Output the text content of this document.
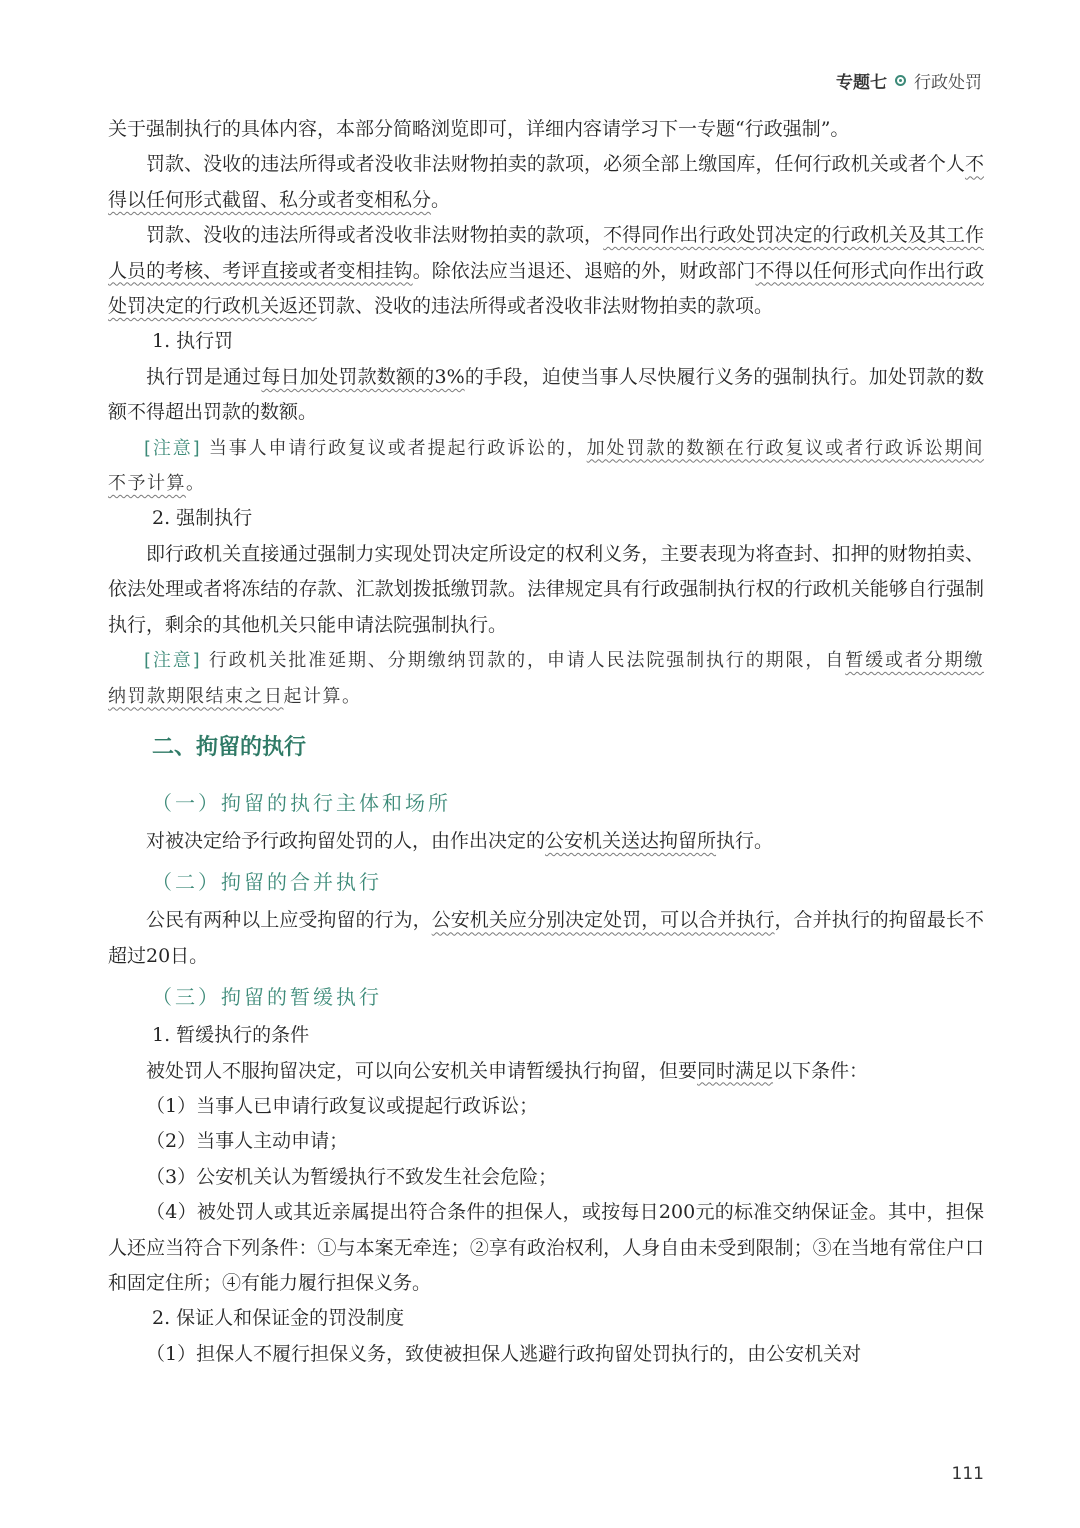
专题七 行政处罚

关于强制执行的具体内容，本部分简略浏览即可，详细内容请学习下一专题“行政强制”。

罚款、没收的违法所得或者没收非法财物拍卖的款项，必须全部上缴国库，任何行政机关或者个人不得以任何形式截留、私分或者变相私分。

罚款、没收的违法所得或者没收非法财物拍卖的款项，不得同作出行政处罚决定的行政机关及其工作人员的考核、考评直接或者变相挂钩。除依法应当退还、退赔的外，财政部门不得以任何形式向作出行政处罚决定的行政机关返还罚款、没收的违法所得或者没收非法财物拍卖的款项。

1. 执行罚

执行罚是通过每日加处罚款数额的3%的手段，迫使当事人尽快履行义务的强制执行。加处罚款的数额不得超出罚款的数额。

[注意] 当事人申请行政复议或者提起行政诉讼的，加处罚款的数额在行政复议或者行政诉讼期间不予计算。

2. 强制执行

即行政机关直接通过强制力实现处罚决定所设定的权利义务，主要表现为将查封、扣押的财物拍卖、依法处理或者将冻结的存款、汇款划拨抵缴罚款。法律规定具有行政强制执行权的行政机关能够自行强制执行，剩余的其他机关只能申请法院强制执行。

[注意] 行政机关批准延期、分期缴纳罚款的，申请人民法院强制执行的期限，自暂缓或者分期缴纳罚款期限结束之日起计算。

二、拘留的执行
（一）拘留的执行主体和场所

对被决定给予行政拘留处罚的人，由作出决定的公安机关送达拘留所执行。

（二）拘留的合并执行

公民有两种以上应受拘留的行为，公安机关应分别决定处罚，可以合并执行，合并执行的拘留最长不超过20日。

（三）拘留的暂缓执行

1. 暂缓执行的条件

被处罚人不服拘留决定，可以向公安机关申请暂缓执行拘留，但要同时满足以下条件：

（1）当事人已申请行政复议或提起行政诉讼；

（2）当事人主动申请；

（3）公安机关认为暂缓执行不致发生社会危险；

（4）被处罚人或其近亲属提出符合条件的担保人，或按每日200元的标准交纳保证金。其中，担保人还应当符合下列条件：①与本案无牵连；②享有政治权利，人身自由未受到限制；③在当地有常住户口和固定住所；④有能力履行担保义务。

2. 保证人和保证金的罚没制度

（1）担保人不履行担保义务，致使被担保人逃避行政拘留处罚执行的，由公安机关对

111
